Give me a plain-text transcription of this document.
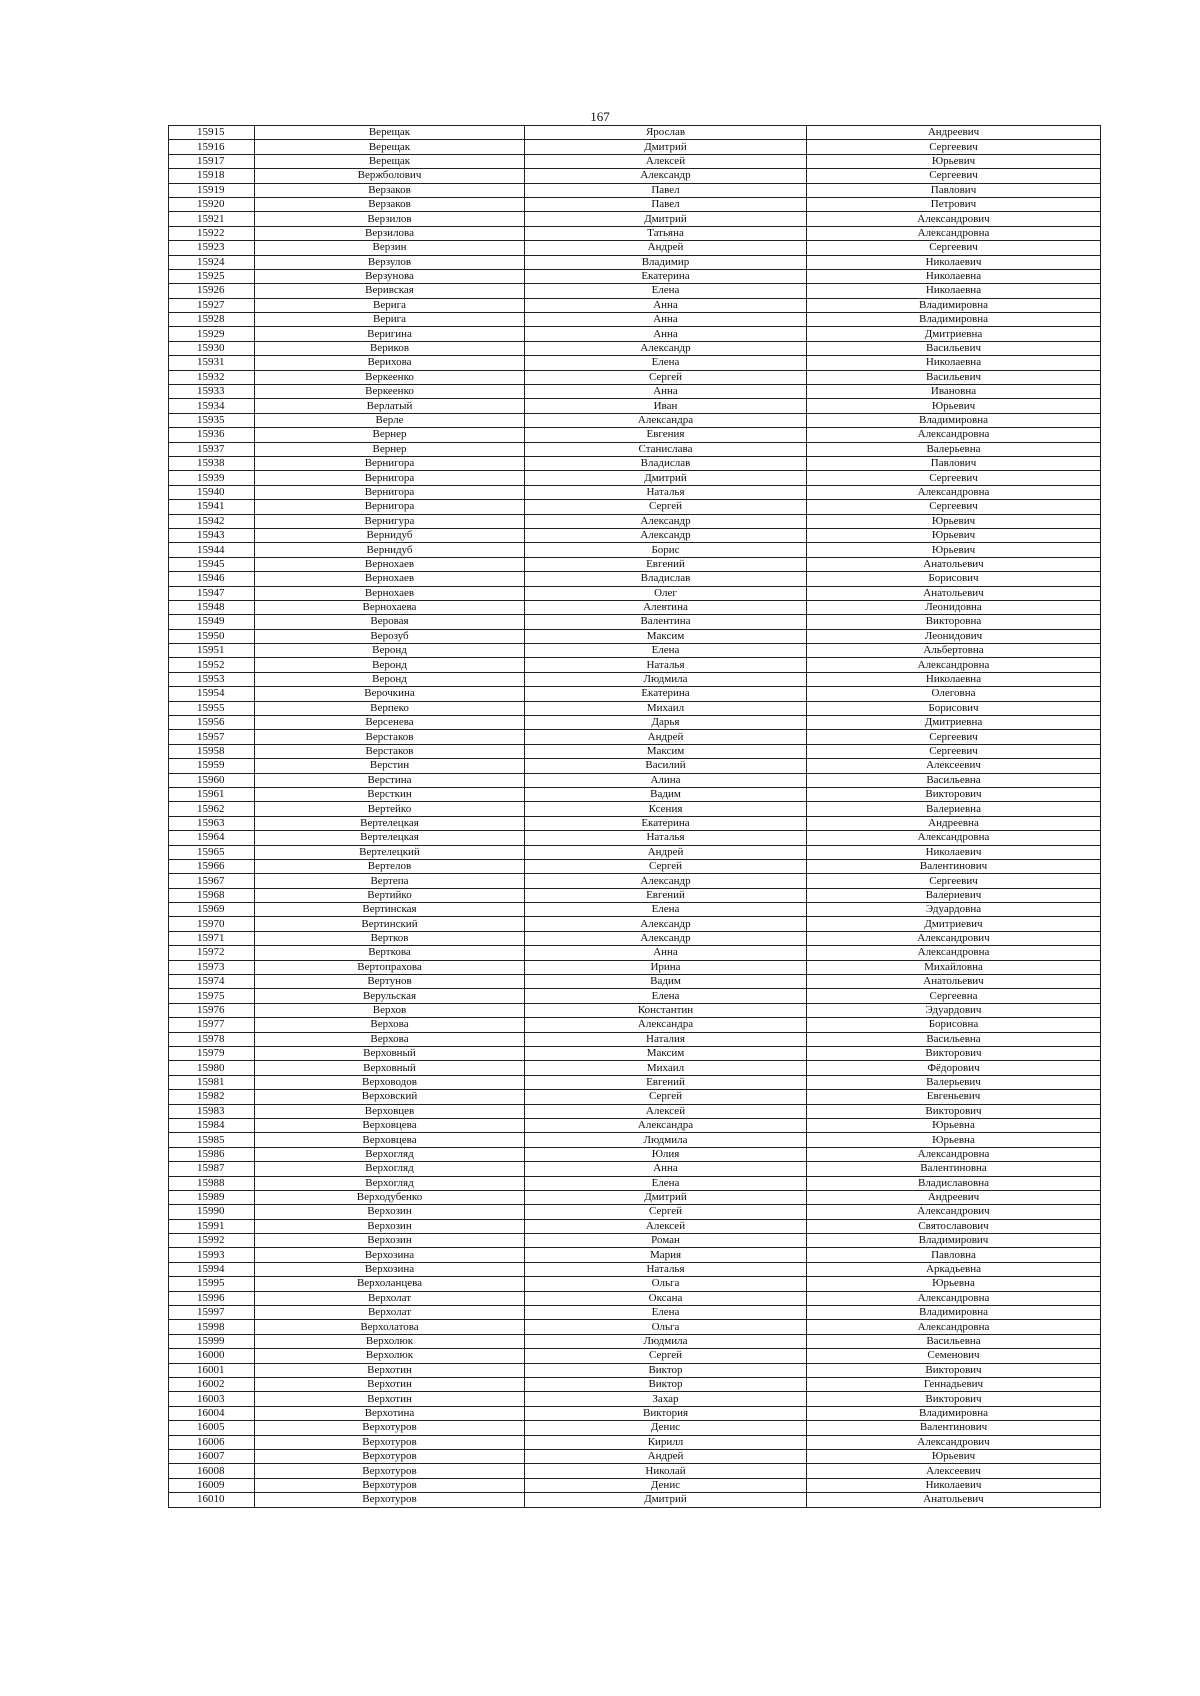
167
15915	Верещак	Ярослав	Андреевич
15916	Верещак	Дмитрий	Сергеевич
15917	Верещак	Алексей	Юрьевич
15918	Вержболович	Александр	Сергеевич
15919	Верзаков	Павел	Павлович
15920	Верзаков	Павел	Петрович
15921	Верзилов	Дмитрий	Александрович
15922	Верзилова	Татьяна	Александровна
15923	Верзин	Андрей	Сергеевич
15924	Верзулов	Владимир	Николаевич
15925	Верзунова	Екатерина	Николаевна
15926	Веривская	Елена	Николаевна
15927	Верига	Анна	Владимировна
15928	Верига	Анна	Владимировна
15929	Веригина	Анна	Дмитриевна
15930	Вериков	Александр	Васильевич
15931	Верихова	Елена	Николаевна
15932	Веркеенко	Сергей	Васильевич
15933	Веркеенко	Анна	Ивановна
15934	Верлатый	Иван	Юрьевич
15935	Верле	Александра	Владимировна
15936	Вернер	Евгения	Александровна
15937	Вернер	Станислава	Валерьевна
15938	Вернигора	Владислав	Павлович
15939	Вернигора	Дмитрий	Сергеевич
15940	Вернигора	Наталья	Александровна
15941	Вернигора	Сергей	Сергеевич
15942	Вернигура	Александр	Юрьевич
15943	Вернидуб	Александр	Юрьевич
15944	Вернидуб	Борис	Юрьевич
15945	Вернохаев	Евгений	Анатольевич
15946	Вернохаев	Владислав	Борисович
15947	Вернохаев	Олег	Анатольевич
15948	Вернохаева	Алевтина	Леонидовна
15949	Веровая	Валентина	Викторовна
15950	Верозуб	Максим	Леонидович
15951	Веронд	Елена	Альбертовна
15952	Веронд	Наталья	Александровна
15953	Веронд	Людмила	Николаевна
15954	Верочкина	Екатерина	Олеговна
15955	Верпеко	Михаил	Борисович
15956	Версенева	Дарья	Дмитриевна
15957	Верстаков	Андрей	Сергеевич
15958	Верстаков	Максим	Сергеевич
15959	Верстин	Василий	Алексеевич
15960	Верстина	Алина	Васильевна
15961	Версткин	Вадим	Викторович
15962	Вертейко	Ксения	Валериевна
15963	Вертелецкая	Екатерина	Андреевна
15964	Вертелецкая	Наталья	Александровна
15965	Вертелецкий	Андрей	Николаевич
15966	Вертелов	Сергей	Валентинович
15967	Вертепа	Александр	Сергеевич
15968	Вертийко	Евгений	Валериевич
15969	Вертинская	Елена	Эдуардовна
15970	Вертинский	Александр	Дмитриевич
15971	Вертков	Александр	Александрович
15972	Верткова	Анна	Александровна
15973	Вертопрахова	Ирина	Михайловна
15974	Вертунов	Вадим	Анатольевич
15975	Верульская	Елена	Сергеевна
15976	Верхов	Константин	Эдуардович
15977	Верхова	Александра	Борисовна
15978	Верхова	Наталия	Васильевна
15979	Верховный	Максим	Викторович
15980	Верховный	Михаил	Фёдорович
15981	Верховодов	Евгений	Валерьевич
15982	Верховский	Сергей	Евгеньевич
15983	Верховцев	Алексей	Викторович
15984	Верховцева	Александра	Юрьевна
15985	Верховцева	Людмила	Юрьевна
15986	Верхогляд	Юлия	Александровна
15987	Верхогляд	Анна	Валентиновна
15988	Верхогляд	Елена	Владиславовна
15989	Верходубенко	Дмитрий	Андреевич
15990	Верхозин	Сергей	Александрович
15991	Верхозин	Алексей	Святославович
15992	Верхозин	Роман	Владимирович
15993	Верхозина	Мария	Павловна
15994	Верхозина	Наталья	Аркадьевна
15995	Верхоланцева	Ольга	Юрьевна
15996	Верхолат	Оксана	Александровна
15997	Верхолат	Елена	Владимировна
15998	Верхолатова	Ольга	Александровна
15999	Верхолюк	Людмила	Васильевна
16000	Верхолюк	Сергей	Семенович
16001	Верхотин	Виктор	Викторович
16002	Верхотин	Виктор	Геннадьевич
16003	Верхотин	Захар	Викторович
16004	Верхотина	Виктория	Владимировна
16005	Верхотуров	Денис	Валентинович
16006	Верхотуров	Кирилл	Александрович
16007	Верхотуров	Андрей	Юрьевич
16008	Верхотуров	Николай	Алексеевич
16009	Верхотуров	Денис	Николаевич
16010	Верхотуров	Дмитрий	Анатольевич
